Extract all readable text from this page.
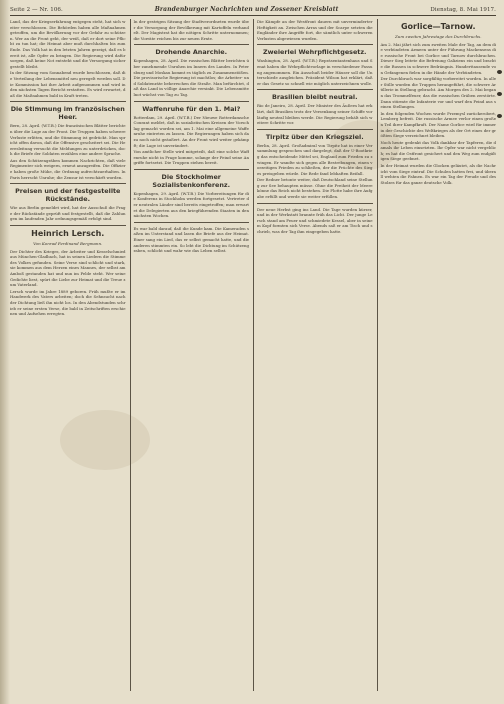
Seite 2 — Nr. 106.	Brandenburger Nachrichten und Zossener Kreisblatt	Dienstag, 8. Mai 1917.

Land, das der Kriegserfahrung entgegen steht, hat sich weiter verschlossen. Die Behörden haben alle Maßnahmen getroffen, um die Bevölkerung vor der Gefahr zu schützen. Wer an die Front geht, der weiß, daß er dort seine Pflicht zu tun hat; die Heimat aber muß durchhalten bis zum Ende. Das Volk hat in den letzten Jahren gezeigt, daß es bereit ist, alle Opfer zu bringen. Die Regierung wird dafür sorgen, daß keine Not entsteht und die Versorgung sichergestellt bleibt.

In der Sitzung vom Sonnabend wurde beschlossen, daß die Verteilung der Lebensmittel neu geregelt werden soll. Die Kommission hat ihre Arbeit aufgenommen und wird in den nächsten Tagen Bericht erstatten. Es wird erwartet, daß die Maßnahmen bald in Kraft treten.

Die Stimmung im französischen Heer.

Bern, 28. April. (W.T.B.) Die französischen Blätter berichten über die Lage an der Front. Die Truppen haben schwere Verluste erlitten, und die Stimmung ist gedrückt. Man spricht offen davon, daß die Offensive gescheitert sei. Die Heeresleitung versucht die Meldungen zu unterdrücken, doch die Briefe der Soldaten erzählen eine andere Sprache.

Aus den Schützengräben kommen Nachrichten, daß viele Regimenter sich weigern, erneut anzugreifen. Die Offiziere haben große Mühe, die Ordnung aufrechtzuerhalten. In Paris herrscht Unruhe; die Zensur ist verschärft worden.

Preisen und der festgestellte Rückstände.

Wie aus Berlin gemeldet wird, hat der Ausschuß die Frage der Rückstände geprüft und festgestellt, daß die Zahlungen im laufenden Jahr ordnungsgemäß erfolgt sind.

Heinrich Lersch.
Von Konrad Ferdinand Bergmann.

Der Dichter des Krieges, der Arbeiter und Kesselschmied aus München-Gladbach, hat in seinen Liedern die Stimme des Volkes gefunden. Seine Verse sind schlicht und stark, sie kommen aus dem Herzen eines Mannes, der selbst am Amboß gestanden hat und nun im Felde steht. Wer seine Gedichte liest, spürt die Liebe zur Heimat und die Treue zum Vaterland.

Lersch wurde im Jahre 1889 geboren. Früh mußte er im Handwerk des Vaters arbeiten; doch die Sehnsucht nach der Dichtung ließ ihn nicht los. In den Abendstunden schrieb er seine ersten Verse, die bald in Zeitschriften erschienen und Aufsehen erregten.

In der gestrigen Sitzung der Stadtverordneten wurde über die Versorgung der Bevölkerung mit Kartoffeln verhandelt. Der Magistrat hat die nötigen Schritte unternommen; die Vorräte reichen bis zur neuen Ernte.

Drohende Anarchie.

Kopenhagen, 28. April. Die russischen Blätter berichten über zunehmende Unruhen im Innern des Landes. In Petersburg und Moskau kommt es täglich zu Zusammenstößen. Die provisorische Regierung ist machtlos; die Arbeiter- und Soldatenräte beherrschen die Straße. Man befürchtet, daß das Land in völlige Anarchie versinkt. Die Lebensmittelnot wächst von Tag zu Tag.

Waffenruhe für den 1. Mai?

Rotterdam, 29. April. (W.T.B.) Der Nieuwe Rotterdamsche Courant meldet, daß in sozialistischen Kreisen der Vorschlag gemacht worden sei, am 1. Mai eine allgemeine Waffenruhe eintreten zu lassen. Die Regierungen haben sich dazu noch nicht geäußert. An der Front wird weiter gekämpft; die Lage ist unverändert.

Von amtlicher Stelle wird mitgeteilt, daß eine solche Waffenruhe nicht in Frage komme, solange der Feind seine Angriffe fortsetzt. Die Truppen stehen bereit.

Die Stockholmer Sozialistenkonferenz.

Kopenhagen, 29. April. (W.T.B.) Die Vorbereitungen für die Konferenz in Stockholm werden fortgesetzt. Vertreter der neutralen Länder sind bereits eingetroffen; man erwartet die Delegierten aus den kriegführenden Staaten in den nächsten Wochen.

Es war bald darauf, daß die Kunde kam. Die Kameraden saßen im Unterstand und lasen die Briefe aus der Heimat. Einer sang ein Lied, das er selbst gemacht hatte, und die anderen stimmten ein. So lebt die Dichtung im Schützengraben, schlicht und wahr wie das Leben selbst.

Die Kämpfe an der Westfront dauern mit unverminderter Heftigkeit an. Zwischen Arras und der Scarpe setzten die Engländer ihre Angriffe fort, die sämtlich unter schweren Verlusten abgewiesen wurden.

Zweierlei Wehrpflichtgesetz.

Washington, 28. April. (W.T.B.) Repräsentantenhaus und Senat haben die Wehrpflichtvorlage in verschiedener Fassung angenommen. Ein Ausschuß beider Häuser soll die Unterschiede ausgleichen. Präsident Wilson hat erklärt, daß er das Gesetz so schnell wie möglich unterzeichnen wolle.

Brasilien bleibt neutral.

Rio de Janeiro, 28. April. Der Minister des Äußern hat erklärt, daß Brasilien trotz der Versenkung seiner Schiffe vorläufig neutral bleiben werde. Die Regierung behält sich weitere Schritte vor.

Tirpitz über den Kriegsziel.

Berlin, 28. April. Großadmiral von Tirpitz hat in einer Versammlung gesprochen und dargelegt, daß der U-Bootkrieg das entscheidende Mittel sei, England zum Frieden zu zwingen. Er wandte sich gegen alle Bestrebungen, einen vorzeitigen Frieden zu schließen, der die Früchte des Sieges preisgeben würde. Die Rede fand lebhaften Beifall.

Der Redner betonte weiter, daß Deutschland seine Stellung zur See behaupten müsse. Ohne die Freiheit der Meere könne das Reich nicht bestehen. Die Flotte habe ihre Aufgabe erfüllt und werde sie weiter erfüllen.

Der neue Herbst ging ins Land. Die Tage wurden kürzer, und in der Werkstatt brannte früh das Licht. Der junge Lersch stand am Feuer und schmiedete Kessel, aber in seinem Kopf formten sich Verse. Abends saß er am Tisch und schrieb, was der Tag ihm eingegeben hatte.

Gorlice—Tarnow.
Zum zweiten Jahrestage des Durchbruchs.

Am 2. Mai jährt sich zum zweiten Male der Tag, an dem die verbündeten Armeen unter der Führung Mackensens die russische Front bei Gorlice und Tarnow durchbrachen. Dieser Sieg leitete die Befreiung Galiziens ein und brachte die Russen in schwere Bedrängnis. Hunderttausende von Gefangenen fielen in die Hände der Verbündeten.

Der Durchbruch war sorgfältig vorbereitet worden. In aller Stille wurden die Truppen herangeführt, die schwere Artillerie in Stellung gebracht. Am Morgen des 2. Mai begann das Trommelfeuer, das die russischen Gräben zerstörte. Dann stürmte die Infanterie vor und warf den Feind aus seinen Stellungen.

In den folgenden Wochen wurde Przemysl zurückerobert, Lemberg befreit. Die russische Armee verlor einen großen Teil ihrer Kampfkraft. Der Name Gorlice wird für immer in der Geschichte des Weltkrieges als der Ort eines der größten Siege verzeichnet bleiben.

Noch heute gedenkt das Volk dankbar der Tapferen, die damals ihr Leben einsetzten. Ihr Opfer war nicht vergeblich; es hat die Ostfront gesichert und den Weg zum endgültigen Siege geebnet.

In der Heimat wurden die Glocken geläutet, als die Nachricht vom Siege eintraf. Die Schulen hatten frei, und überall wehten die Fahnen. Es war ein Tag der Freude und des Stolzes für das ganze deutsche Volk.
